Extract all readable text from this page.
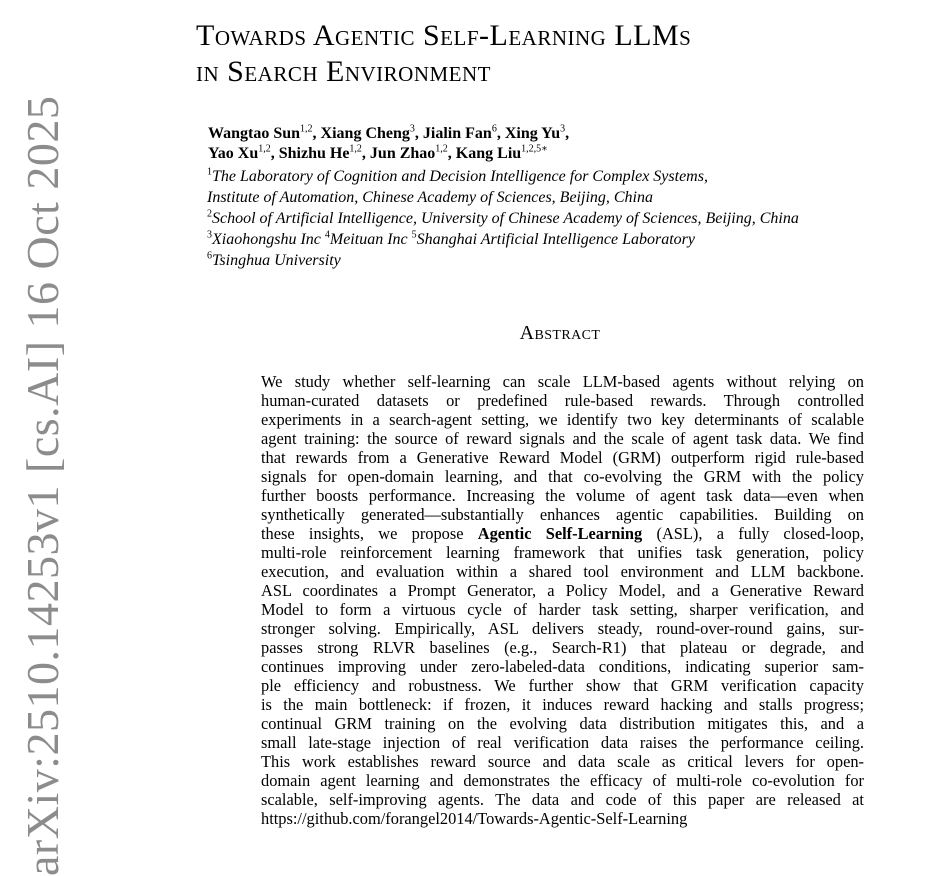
arXiv:2510.14253v1 [cs.AI] 16 Oct 2025
Towards Agentic Self-Learning LLMs
in Search Environment
Wangtao Sun$^{1,2}$, Xiang Cheng$^3$, Jialin Fan$^6$, Xing Yu$^3$,
Yao Xu$^{1,2}$, Shizhu He$^{1,2}$, Jun Zhao$^{1,2}$, Kang Liu$^{1,2,5∗}$
$^1$The Laboratory of Cognition and Decision Intelligence for Complex Systems,
Institute of Automation, Chinese Academy of Sciences, Beijing, China
$^2$School of Artificial Intelligence, University of Chinese Academy of Sciences, Beijing, China
$^3$Xiaohongshu Inc $^4$Meituan Inc $^5$Shanghai Artificial Intelligence Laboratory
$^6$Tsinghua University
Abstract
We study whether self-learning can scale LLM-based agents without relying on
human-curated datasets or predefined rule-based rewards. Through controlled
experiments in a search-agent setting, we identify two key determinants of scalable
agent training: the source of reward signals and the scale of agent task data. We find
that rewards from a Generative Reward Model (GRM) outperform rigid rule-based
signals for open-domain learning, and that co-evolving the GRM with the policy
further boosts performance. Increasing the volume of agent task data—even when
synthetically generated—substantially enhances agentic capabilities. Building on
these insights, we propose Agentic Self-Learning (ASL), a fully closed-loop,
multi-role reinforcement learning framework that unifies task generation, policy
execution, and evaluation within a shared tool environment and LLM backbone.
ASL coordinates a Prompt Generator, a Policy Model, and a Generative Reward
Model to form a virtuous cycle of harder task setting, sharper verification, and
stronger solving. Empirically, ASL delivers steady, round-over-round gains, sur-
passes strong RLVR baselines (e.g., Search-R1) that plateau or degrade, and
continues improving under zero-labeled-data conditions, indicating superior sam-
ple efficiency and robustness. We further show that GRM verification capacity
is the main bottleneck: if frozen, it induces reward hacking and stalls progress;
continual GRM training on the evolving data distribution mitigates this, and a
small late-stage injection of real verification data raises the performance ceiling.
This work establishes reward source and data scale as critical levers for open-
domain agent learning and demonstrates the efficacy of multi-role co-evolution for
scalable, self-improving agents. The data and code of this paper are released at
https://github.com/forangel2014/Towards-Agentic-Self-Learning
